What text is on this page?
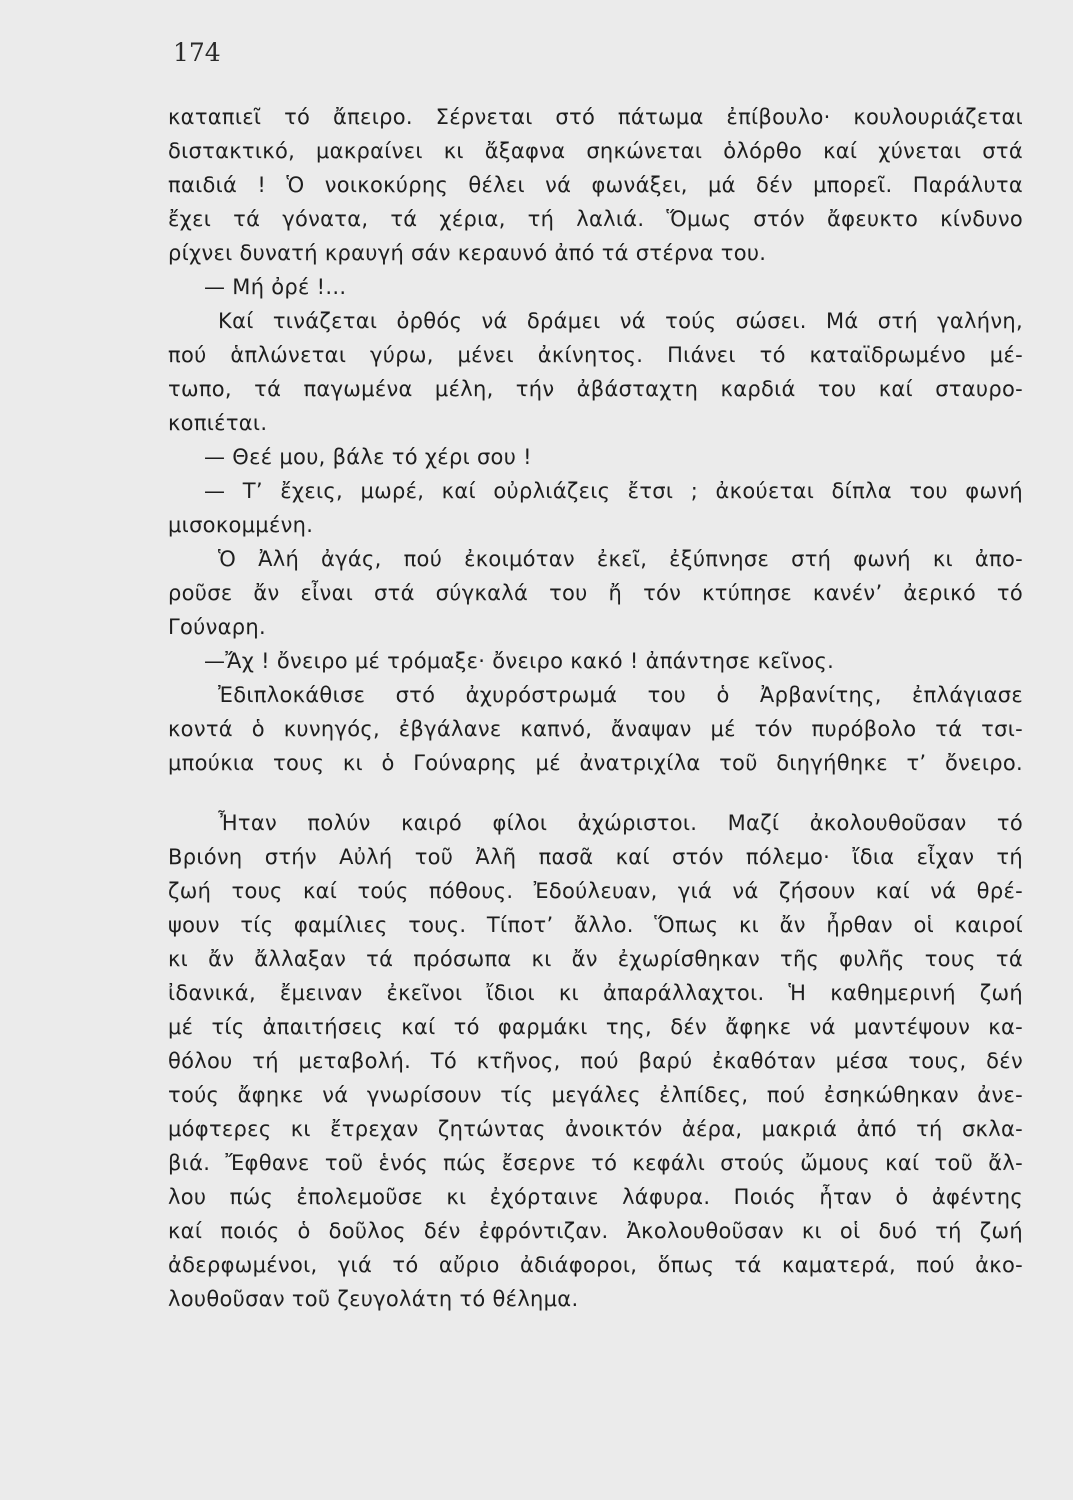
174
καταπιεῖ τό ἄπειρο. Σέρνεται στό πάτωμα ἐπίβουλο· κουλουριάζεται
διστακτικό, μακραίνει κι ἄξαφνα σηκώνεται ὁλόρθο καί χύνεται στά
παιδιά ! Ὁ νοικοκύρης θέλει νά φωνάξει, μά δέν μπορεῖ. Παράλυτα
ἔχει τά γόνατα, τά χέρια, τή λαλιά. Ὅμως στόν ἄφευκτο κίνδυνο
ρίχνει δυνατή κραυγή σάν κεραυνό ἀπό τά στέρνα του.
— Μή ὀρέ !...
Καί τινάζεται ὀρθός νά δράμει νά τούς σώσει. Μά στή γαλήνη,
πού ἁπλώνεται γύρω, μένει ἀκίνητος. Πιάνει τό καταϊδρωμένο μέ-
τωπο, τά παγωμένα μέλη, τήν ἀβάσταχτη καρδιά του καί σταυρο-
κοπιέται.
— Θεέ μου, βάλε τό χέρι σου !
— Τ’ ἔχεις, μωρέ, καί οὐρλιάζεις ἔτσι ; ἀκούεται δίπλα του φωνή
μισοκομμένη.
Ὁ Ἀλή ἀγάς, πού ἐκοιμόταν ἐκεῖ, ἐξύπνησε στή φωνή κι ἀπο-
ροῦσε ἄν εἶναι στά σύγκαλά του ἤ τόν κτύπησε κανέν’ ἀερικό τό
Γούναρη.
—Ἄχ ! ὄνειρο μέ τρόμαξε· ὄνειρο κακό ! ἀπάντησε κεῖνος.
Ἐδιπλοκάθισε στό ἀχυρόστρωμά του ὁ Ἀρβανίτης, ἐπλάγιασε
κοντά ὁ κυνηγός, ἐβγάλανε καπνό, ἄναψαν μέ τόν πυρόβολο τά τσι-
μπούκια τους κι ὁ Γούναρης μέ ἀνατριχίλα τοῦ διηγήθηκε τ’ ὄνειρο.
Ἦταν πολύν καιρό φίλοι ἀχώριστοι. Μαζί ἀκολουθοῦσαν τό
Βριόνη στήν Αὐλή τοῦ Ἀλῆ πασᾶ καί στόν πόλεμο· ἴδια εἶχαν τή
ζωή τους καί τούς πόθους. Ἐδούλευαν, γιά νά ζήσουν καί νά θρέ-
ψουν τίς φαμίλιες τους. Τίποτ’ ἄλλο. Ὅπως κι ἄν ἦρθαν οἱ καιροί
κι ἄν ἄλλαξαν τά πρόσωπα κι ἄν ἐχωρίσθηκαν τῆς φυλῆς τους τά
ἰδανικά, ἔμειναν ἐκεῖνοι ἴδιοι κι ἀπαράλλαχτοι. Ἡ καθημερινή ζωή
μέ τίς ἀπαιτήσεις καί τό φαρμάκι της, δέν ἄφηκε νά μαντέψουν κα-
θόλου τή μεταβολή. Τό κτῆνος, πού βαρύ ἐκαθόταν μέσα τους, δέν
τούς ἄφηκε νά γνωρίσουν τίς μεγάλες ἐλπίδες, πού ἐσηκώθηκαν ἀνε-
μόφτερες κι ἔτρεχαν ζητώντας ἀνοικτόν ἀέρα, μακριά ἀπό τή σκλα-
βιά. Ἔφθανε τοῦ ἑνός πώς ἔσερνε τό κεφάλι στούς ὤμους καί τοῦ ἄλ-
λου πώς ἐπολεμοῦσε κι ἐχόρταινε λάφυρα. Ποιός ἦταν ὁ ἀφέντης
καί ποιός ὁ δοῦλος δέν ἐφρόντιζαν. Ἀκολουθοῦσαν κι οἱ δυό τή ζωή
ἀδερφωμένοι, γιά τό αὔριο ἀδιάφοροι, ὅπως τά καματερά, πού ἀκο-
λουθοῦσαν τοῦ ζευγολάτη τό θέλημα.
